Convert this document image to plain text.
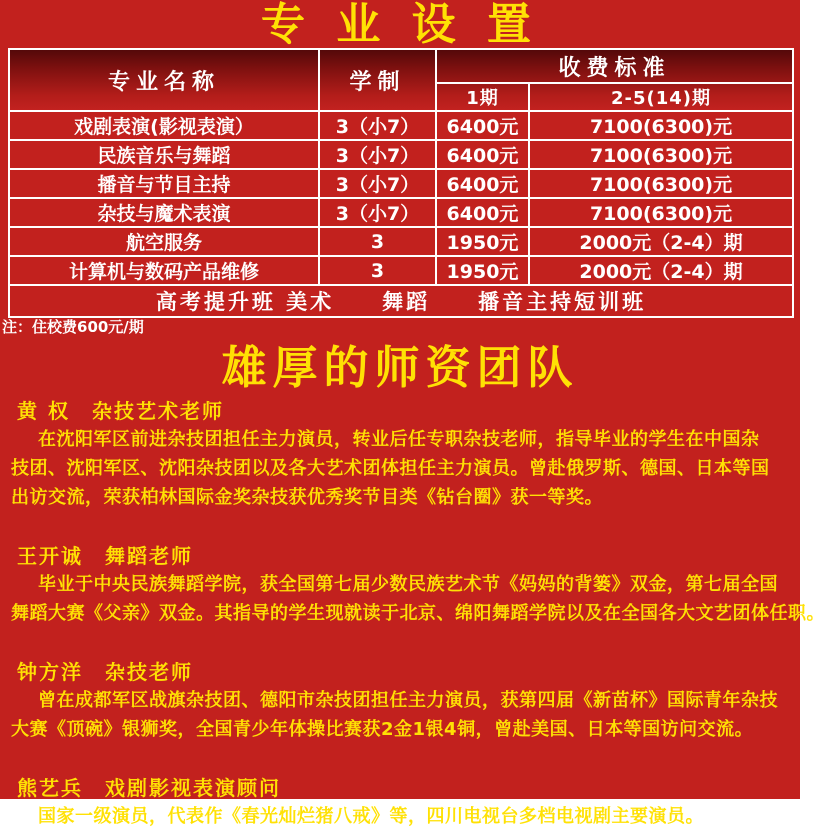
专 业 设 置
专业名称	学制	收费标准	
		1期	2-5(14)期
戏剧表演(影视表演）	3（小7）	6400元	7100(6300)元
民族音乐与舞蹈	3（小7）	6400元	7100(6300)元
播音与节目主持	3（小7）	6400元	7100(6300)元
杂技与魔术表演	3（小7）	6400元	7100(6300)元
航空服务	3	1950元	2000元（2-4）期
计算机与数码产品维修	3	1950元	2000元（2-4）期
高考提升班 美术　　舞蹈　　播音主持短训班			
注：住校费600元/期
雄厚的师资团队
黄 权　杂技艺术老师
在沈阳军区前进杂技团担任主力演员，转业后任专职杂技老师，指导毕业的学生在中国杂
技团、沈阳军区、沈阳杂技团以及各大艺术团体担任主力演员。曾赴俄罗斯、德国、日本等国
出访交流，荣获柏林国际金奖杂技获优秀奖节目类《钻台圈》获一等奖。
王开诚　舞蹈老师
毕业于中央民族舞蹈学院，获全国第七届少数民族艺术节《妈妈的背篓》双金，第七届全国
舞蹈大赛《父亲》双金。其指导的学生现就读于北京、绵阳舞蹈学院以及在全国各大文艺团体任职。
钟方洋　杂技老师
曾在成都军区战旗杂技团、德阳市杂技团担任主力演员，获第四届《新苗杯》国际青年杂技
大赛《顶碗》银狮奖，全国青少年体操比赛获2金1银4铜，曾赴美国、日本等国访问交流。
熊艺兵　戏剧影视表演顾问
国家一级演员，代表作《春光灿烂猪八戒》等，四川电视台多档电视剧主要演员。
